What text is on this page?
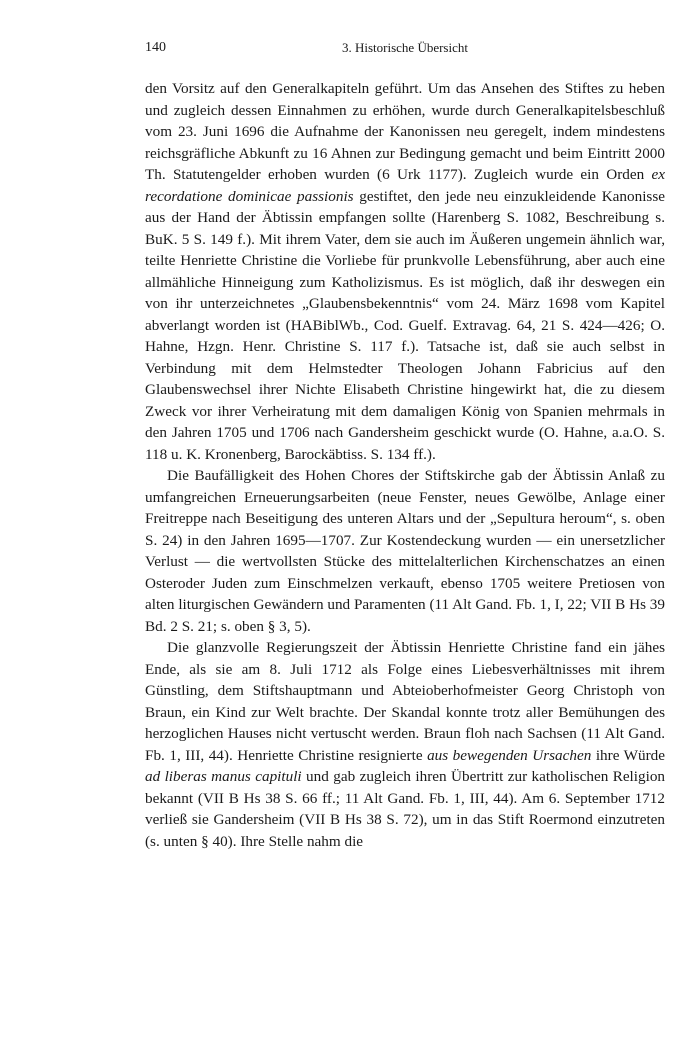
140	3. Historische Übersicht

den Vorsitz auf den Generalkapiteln geführt. Um das Ansehen des Stiftes zu heben und zugleich dessen Einnahmen zu erhöhen, wurde durch Generalkapitelsbeschluß vom 23. Juni 1696 die Aufnahme der Kanonissen neu geregelt, indem mindestens reichsgräfliche Abkunft zu 16 Ahnen zur Bedingung gemacht und beim Eintritt 2000 Th. Statutengelder erhoben wurden (6 Urk 1177). Zugleich wurde ein Orden ex recordatione dominicae passionis gestiftet, den jede neu einzukleidende Kanonisse aus der Hand der Äbtissin empfangen sollte (Harenberg S. 1082, Beschreibung s. BuK. 5 S. 149 f.). Mit ihrem Vater, dem sie auch im Äußeren ungemein ähnlich war, teilte Henriette Christine die Vorliebe für prunkvolle Lebensführung, aber auch eine allmähliche Hinneigung zum Katholizismus. Es ist möglich, daß ihr deswegen ein von ihr unterzeichnetes „Glaubensbekenntnis“ vom 24. März 1698 vom Kapitel abverlangt worden ist (HABiblWb., Cod. Guelf. Extravag. 64, 21 S. 424—426; O. Hahne, Hzgn. Henr. Christine S. 117 f.). Tatsache ist, daß sie auch selbst in Verbindung mit dem Helmstedter Theologen Johann Fabricius auf den Glaubenswechsel ihrer Nichte Elisabeth Christine hingewirkt hat, die zu diesem Zweck vor ihrer Verheiratung mit dem damaligen König von Spanien mehrmals in den Jahren 1705 und 1706 nach Gandersheim geschickt wurde (O. Hahne, a.a.O. S. 118 u. K. Kronenberg, Barockäbtiss. S. 134 ff.).

Die Baufälligkeit des Hohen Chores der Stiftskirche gab der Äbtissin Anlaß zu umfangreichen Erneuerungsarbeiten (neue Fenster, neues Gewölbe, Anlage einer Freitreppe nach Beseitigung des unteren Altars und der „Sepultura heroum“, s. oben S. 24) in den Jahren 1695—1707. Zur Kostendeckung wurden — ein unersetzlicher Verlust — die wertvollsten Stücke des mittelalterlichen Kirchenschatzes an einen Osteroder Juden zum Einschmelzen verkauft, ebenso 1705 weitere Pretiosen von alten liturgischen Gewändern und Paramenten (11 Alt Gand. Fb. 1, I, 22; VII B Hs 39 Bd. 2 S. 21; s. oben § 3, 5).

Die glanzvolle Regierungszeit der Äbtissin Henriette Christine fand ein jähes Ende, als sie am 8. Juli 1712 als Folge eines Liebesverhältnisses mit ihrem Günstling, dem Stiftshauptmann und Abteioberhofmeister Georg Christoph von Braun, ein Kind zur Welt brachte. Der Skandal konnte trotz aller Bemühungen des herzoglichen Hauses nicht vertuscht werden. Braun floh nach Sachsen (11 Alt Gand. Fb. 1, III, 44). Henriette Christine resignierte aus bewegenden Ursachen ihre Würde ad liberas manus capituli und gab zugleich ihren Übertritt zur katholischen Religion bekannt (VII B Hs 38 S. 66 ff.; 11 Alt Gand. Fb. 1, III, 44). Am 6. September 1712 verließ sie Gandersheim (VII B Hs 38 S. 72), um in das Stift Roermond einzutreten (s. unten § 40). Ihre Stelle nahm die
